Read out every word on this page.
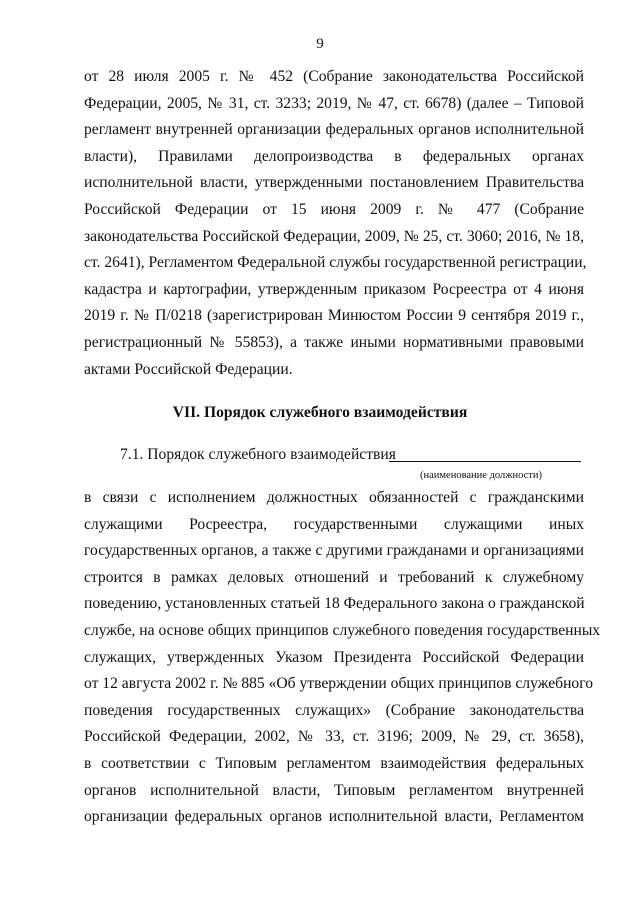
9
от 28 июля 2005 г. № 452 (Собрание законодательства Российской
Федерации, 2005, № 31, ст. 3233; 2019, № 47, ст. 6678) (далее – Типовой
регламент внутренней организации федеральных органов исполнительной
власти), Правилами делопроизводства в федеральных органах
исполнительной власти, утвержденными постановлением Правительства
Российской Федерации от 15 июня 2009 г. № 477 (Собрание
законодательства Российской Федерации, 2009, № 25, ст. 3060; 2016, № 18,
ст. 2641), Регламентом Федеральной службы государственной регистрации,
кадастра и картографии, утвержденным приказом Росреестра от 4 июня
2019 г. № П/0218 (зарегистрирован Минюстом России 9 сентября 2019 г.,
регистрационный № 55853), а также иными нормативными правовыми
актами Российской Федерации.
VII. Порядок служебного взаимодействия
7.1. Порядок служебного взаимодействия
(наименование должности)
в связи с исполнением должностных обязанностей с гражданскими
служащими Росреестра, государственными служащими иных
государственных органов, а также с другими гражданами и организациями
строится в рамках деловых отношений и требований к служебному
поведению, установленных статьей 18 Федерального закона о гражданской
службе, на основе общих принципов служебного поведения государственных
служащих, утвержденных Указом Президента Российской Федерации
от 12 августа 2002 г. № 885 «Об утверждении общих принципов служебного
поведения государственных служащих» (Собрание законодательства
Российской Федерации, 2002, № 33, ст. 3196; 2009, № 29, ст. 3658),
в соответствии с Типовым регламентом взаимодействия федеральных
органов исполнительной власти, Типовым регламентом внутренней
организации федеральных органов исполнительной власти, Регламентом
